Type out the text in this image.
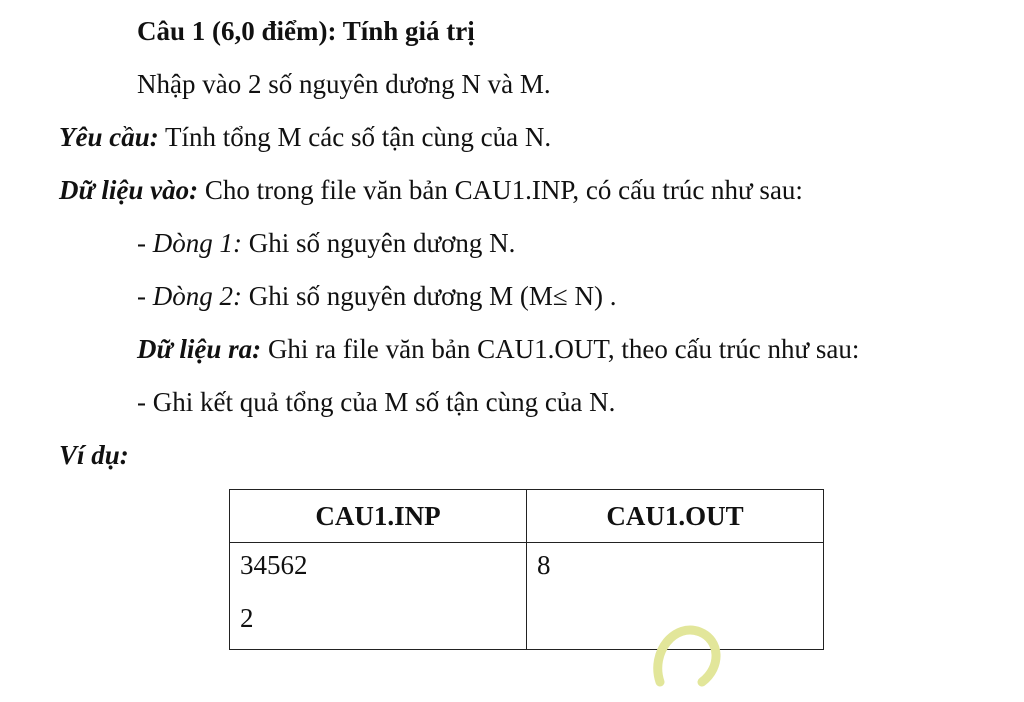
Câu 1 (6,0 điểm): Tính giá trị
Nhập vào 2 số nguyên dương N và M.
Yêu cầu: Tính tổng M các số tận cùng của N.
Dữ liệu vào: Cho trong file văn bản CAU1.INP, có cấu trúc như sau:
- Dòng 1: Ghi số nguyên dương N.
- Dòng 2: Ghi số nguyên dương M (M≤ N) .
Dữ liệu ra: Ghi ra file văn bản CAU1.OUT, theo cấu trúc như sau:
- Ghi kết quả tổng của M số tận cùng của N.
Ví dụ:
CAU1.INP	CAU1.OUT

34562
2	8
